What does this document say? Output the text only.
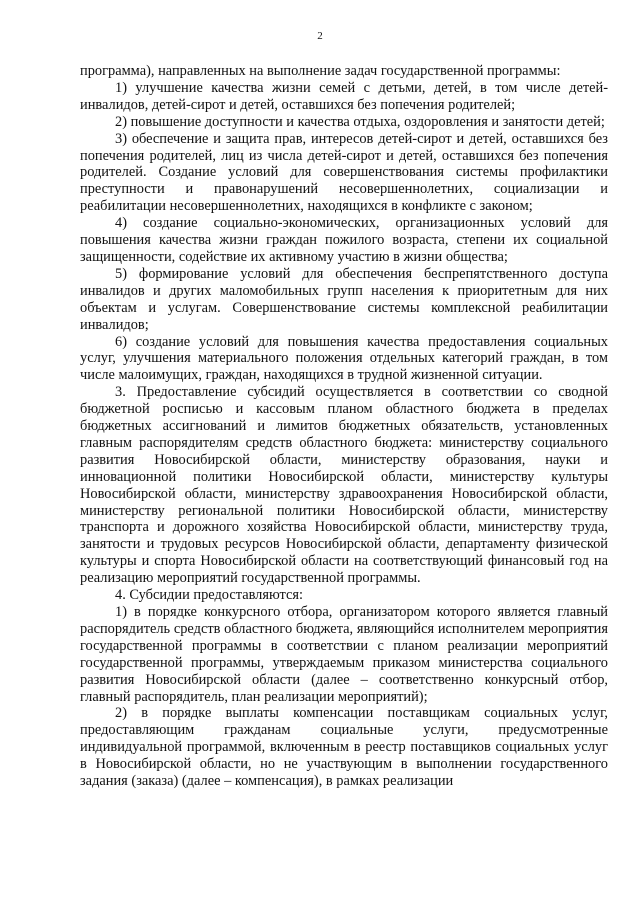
2

программа), направленных на выполнение задач государственной программы:

1) улучшение качества жизни семей с детьми, детей, в том числе детей-инвалидов, детей-сирот и детей, оставшихся без попечения родителей;

2) повышение доступности и качества отдыха, оздоровления и занятости детей;

3) обеспечение и защита прав, интересов детей-сирот и детей, оставшихся без попечения родителей, лиц из числа детей-сирот и детей, оставшихся без попечения родителей. Создание условий для совершенствования системы профилактики преступности и правонарушений несовершеннолетних, социализации и реабилитации несовершеннолетних, находящихся в конфликте с законом;

4) создание социально-экономических, организационных условий для повышения качества жизни граждан пожилого возраста, степени их социальной защищенности, содействие их активному участию в жизни общества;

5) формирование условий для обеспечения беспрепятственного доступа инвалидов и других маломобильных групп населения к приоритетным для них объектам и услугам. Совершенствование системы комплексной реабилитации инвалидов;

6) создание условий для повышения качества предоставления социальных услуг, улучшения материального положения отдельных категорий граждан, в том числе малоимущих, граждан, находящихся в трудной жизненной ситуации.

3. Предоставление субсидий осуществляется в соответствии со сводной бюджетной росписью и кассовым планом областного бюджета в пределах бюджетных ассигнований и лимитов бюджетных обязательств, установленных главным распорядителям средств областного бюджета: министерству социального развития Новосибирской области, министерству образования, науки и инновационной политики Новосибирской области, министерству культуры Новосибирской области, министерству здравоохранения Новосибирской области, министерству региональной политики Новосибирской области, министерству транспорта и дорожного хозяйства Новосибирской области, министерству труда, занятости и трудовых ресурсов Новосибирской области, департаменту физической культуры и спорта Новосибирской области на соответствующий финансовый год на реализацию мероприятий государственной программы.

4. Субсидии предоставляются:

1) в порядке конкурсного отбора, организатором которого является главный распорядитель средств областного бюджета, являющийся исполнителем мероприятия государственной программы в соответствии с планом реализации мероприятий государственной программы, утверждаемым приказом министерства социального развития Новосибирской области (далее – соответственно конкурсный отбор, главный распорядитель, план реализации мероприятий);

2) в порядке выплаты компенсации поставщикам социальных услуг, предоставляющим гражданам социальные услуги, предусмотренные индивидуальной программой, включенным в реестр поставщиков социальных услуг в Новосибирской области, но не участвующим в выполнении государственного задания (заказа) (далее – компенсация), в рамках реализации
